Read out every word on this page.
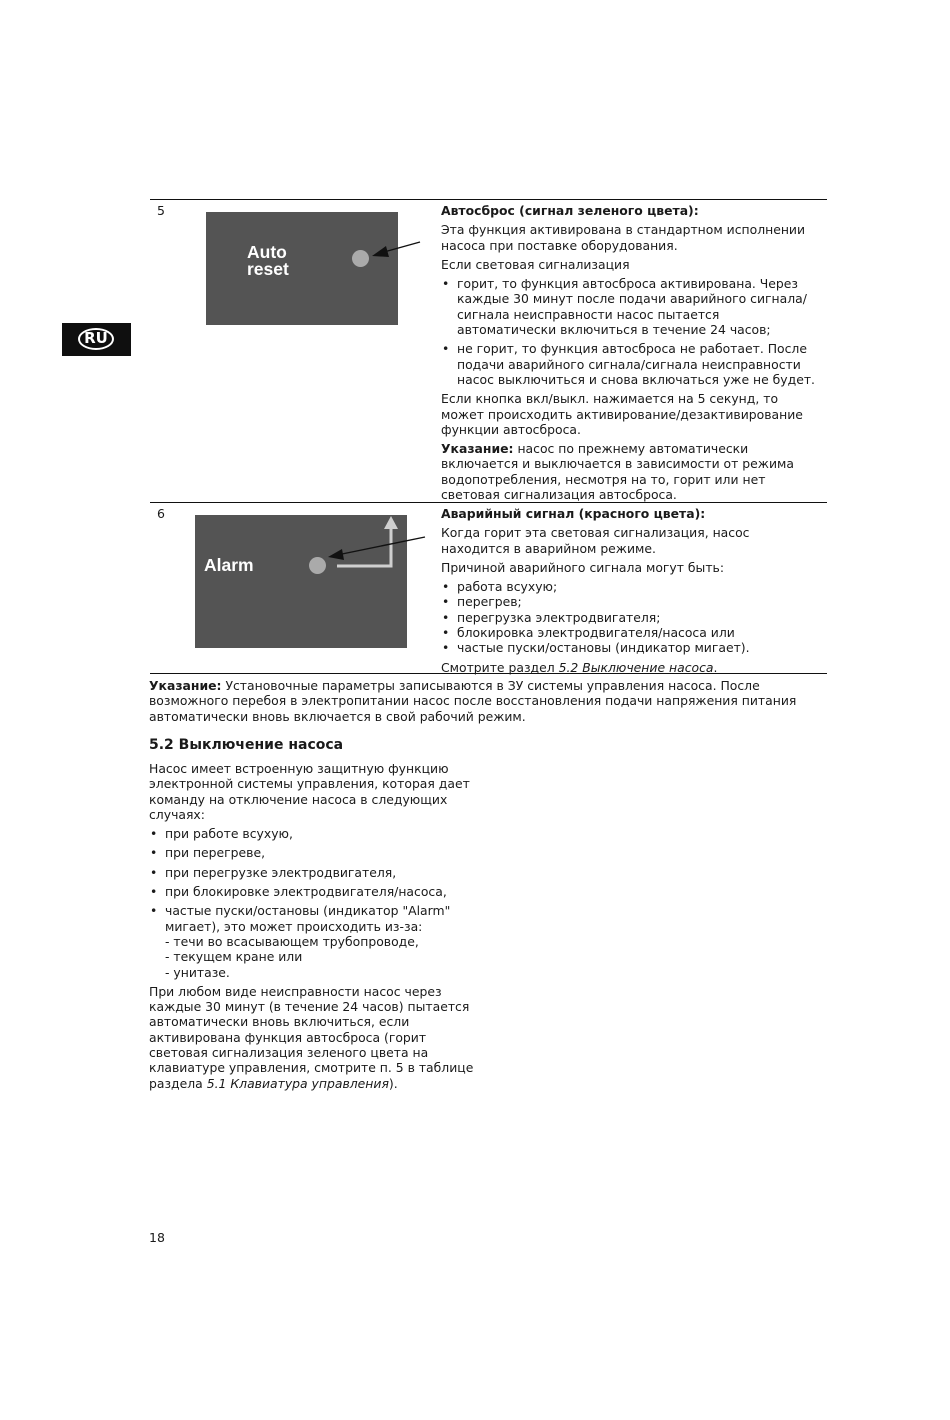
RU
5
Auto
reset
Автосброс (сигнал зеленого цвета):

Эта функция активирована в стандартном исполнении насоса при поставке оборудования.

Если световая сигнализация

• горит, то функция автосброса активирована. Через каждые 30 минут после подачи аварийного сигнала/сигнала неисправности насос пытается автоматически включиться в течение 24 часов;
• не горит, то функция автосброса не работает. После подачи аварийного сигнала/сигнала неисправности насос выключиться и снова включаться уже не будет.

Если кнопка вкл/выкл. нажимается на 5 секунд, то может происходить активирование/дезактивирование функции автосброса.

Указание: насос по прежнему автоматически включается и выключается в зависимости от режима водопотребления, несмотря на то, горит или нет световая сигнализация автосброса.

6
Alarm
Аварийный сигнал (красного цвета):

Когда горит эта световая сигнализация, насос находится в аварийном режиме.

Причиной аварийного сигнала могут быть:

• работа всухую;
• перегрев;
• перегрузка электродвигателя;
• блокировка электродвигателя/насоса или
• частые пуски/остановы (индикатор мигает).

Смотрите раздел 5.2 Выключение насоса.

Указание: Установочные параметры записываются в ЗУ системы управления насоса. После возможного перебоя в электропитании насос после восстановления подачи напряжения питания автоматически вновь включается в свой рабочий режим.

5.2 Выключение насоса

Насос имеет встроенную защитную функцию электронной системы управления, которая дает команду на отключение насоса в следующих случаях:

• при работе всухую,
• при перегреве,
• при перегрузке электродвигателя,
• при блокировке электродвигателя/насоса,
• частые пуски/остановы (индикатор "Alarm" мигает), это может происходить из-за:
- течи во всасывающем трубопроводе,
- текущем кране или
- унитазе.

При любом виде неисправности насос через каждые 30 минут (в течение 24 часов) пытается автоматически вновь включиться, если активирована функция автосброса (горит световая сигнализация зеленого цвета на клавиатуре управления, смотрите п. 5 в таблице раздела 5.1 Клавиатура управления).

18
